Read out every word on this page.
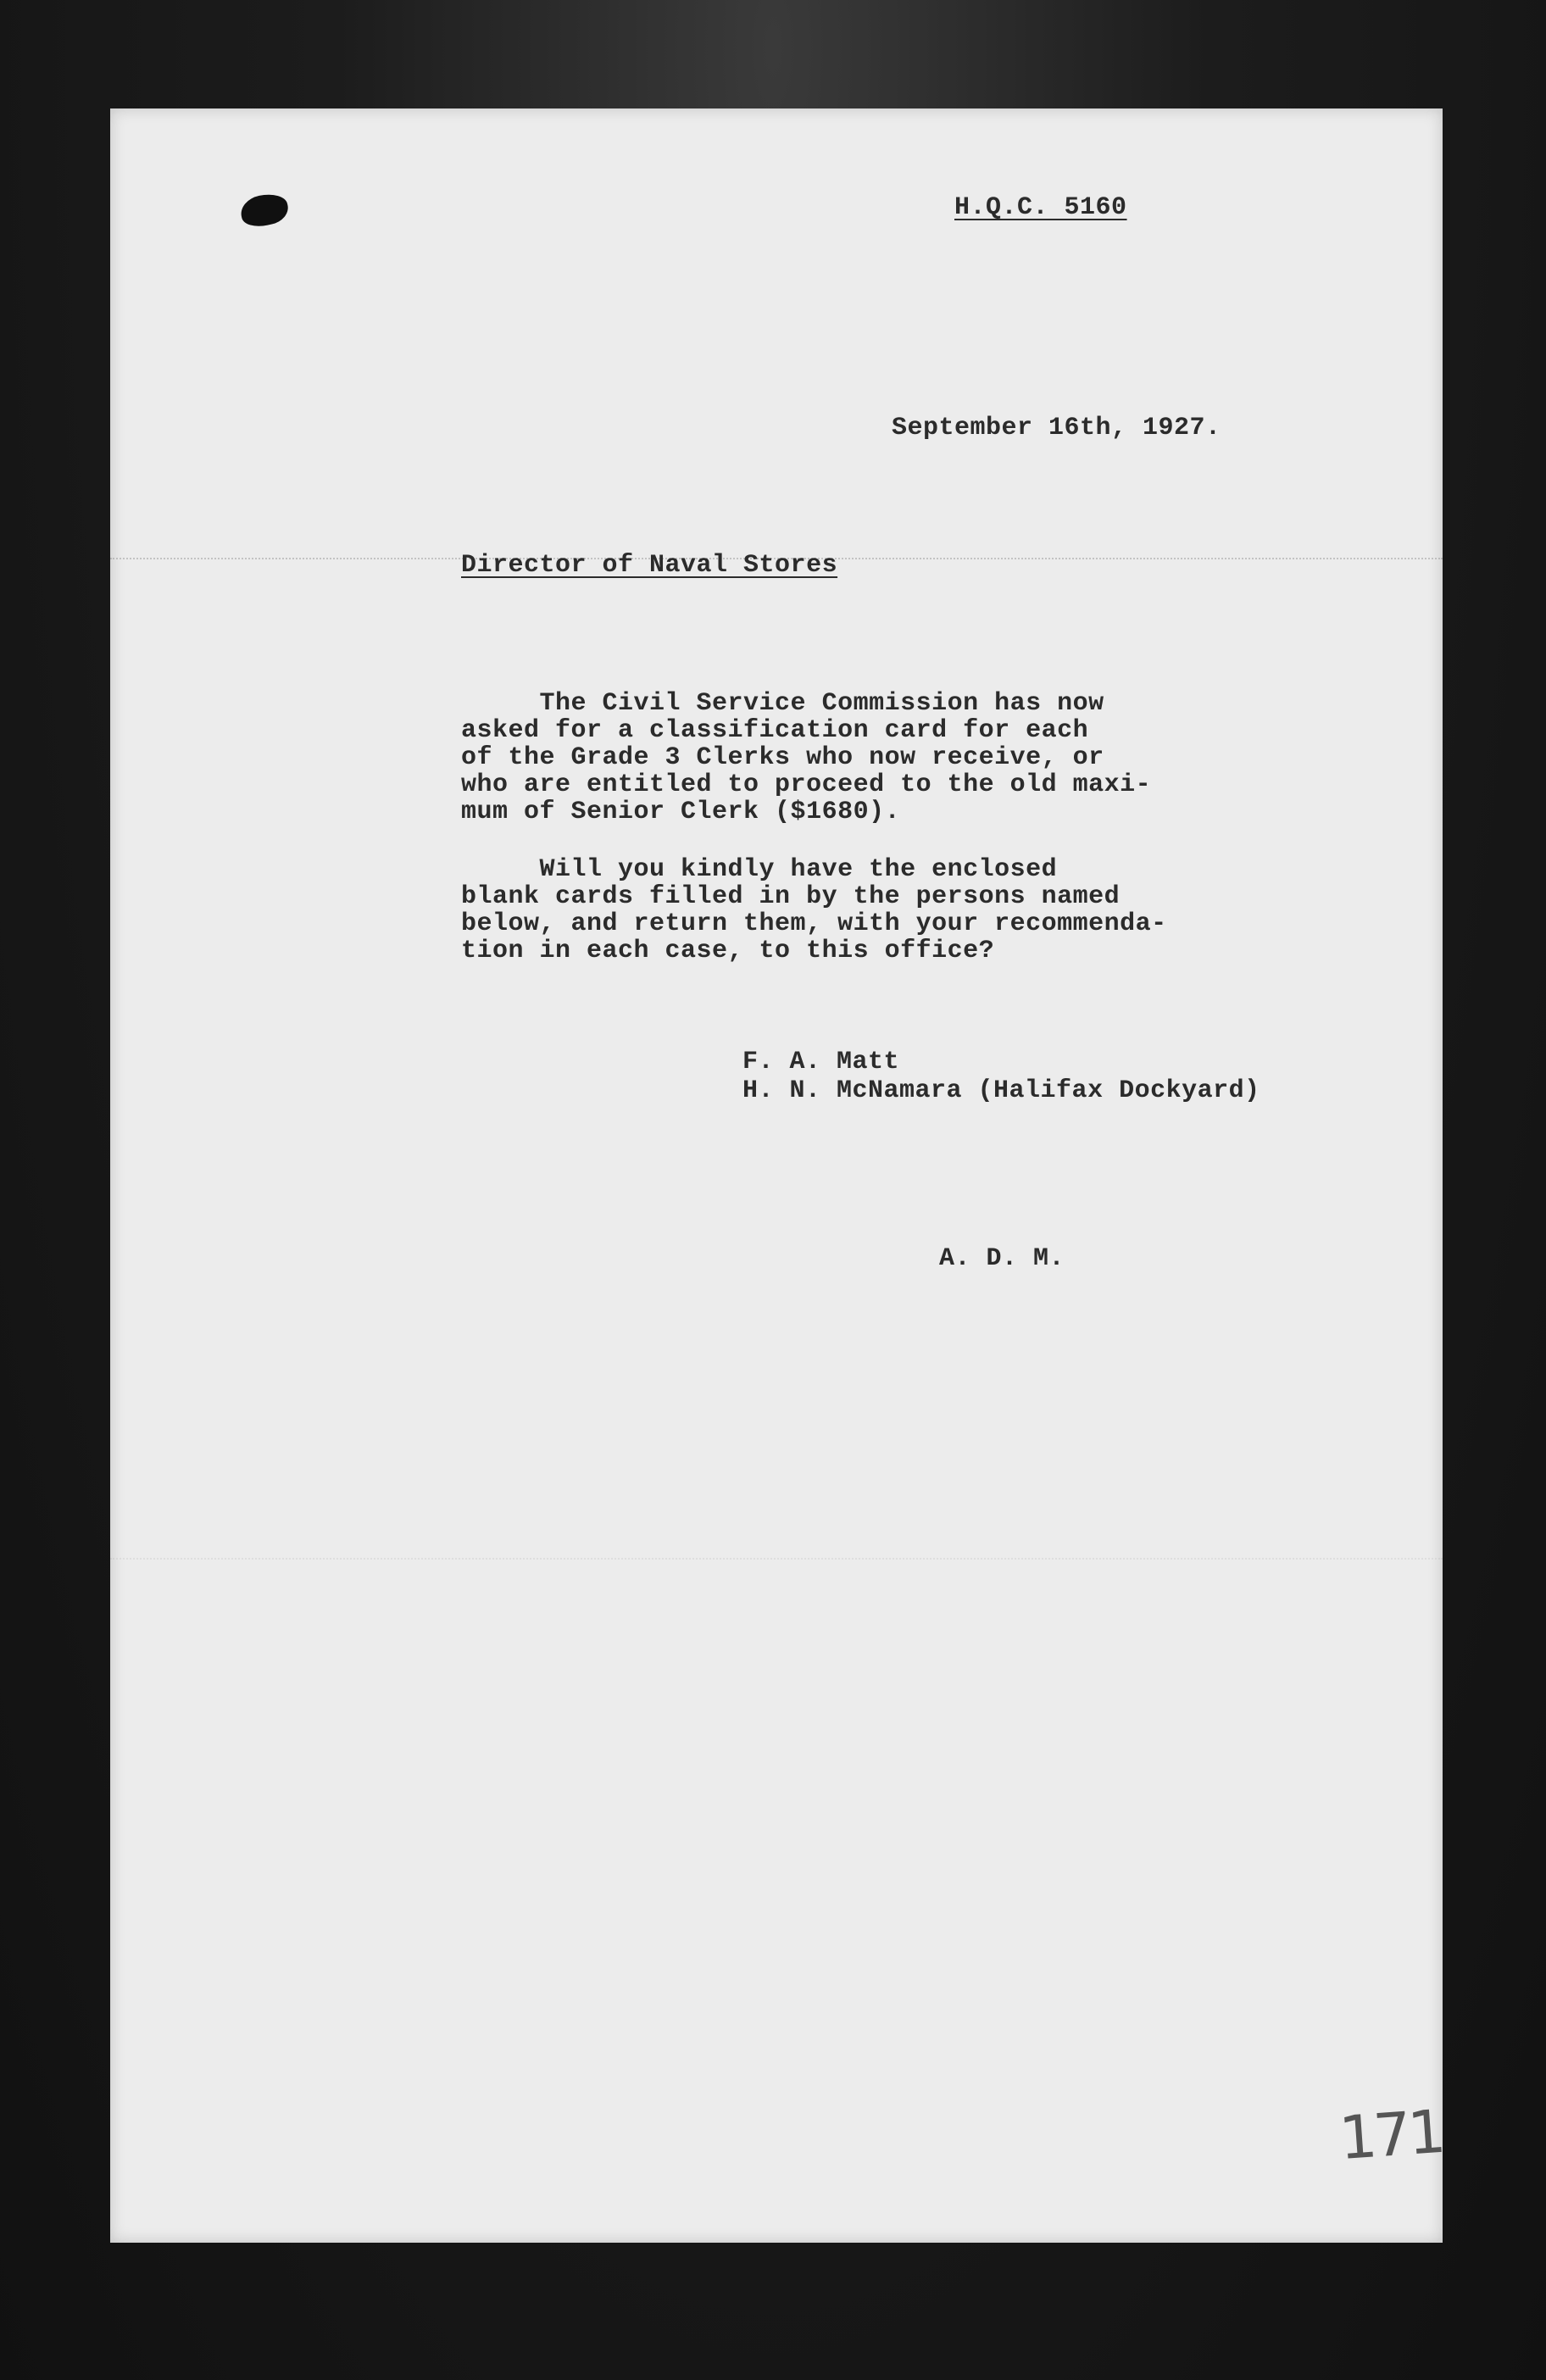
H.Q.C. 5160
September 16th, 1927.
Director of Naval Stores
The Civil Service Commission has now
asked for a classification card for each
of the Grade 3 Clerks who now receive, or
who are entitled to proceed to the old maxi-
mum of Senior Clerk ($1680).
Will you kindly have the enclosed
blank cards filled in by the persons named
below, and return them, with your recommenda-
tion in each case, to this office?
F. A. Matt
H. N. McNamara (Halifax Dockyard)
A. D. M.
171
